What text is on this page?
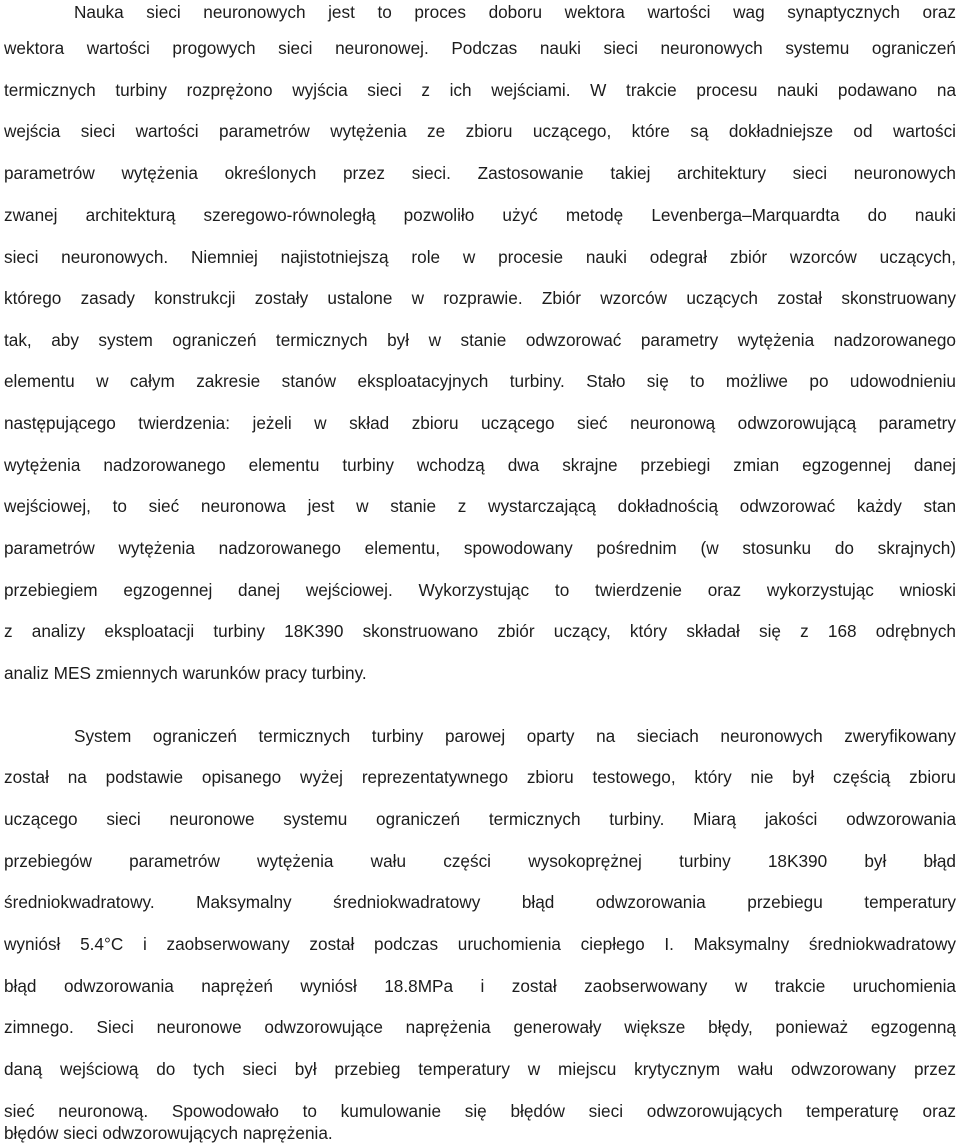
Nauka sieci neuronowych jest to proces doboru wektora wartości wag synaptycznych oraz
wektora wartości progowych sieci neuronowej. Podczas nauki sieci neuronowych systemu ograniczeń
termicznych turbiny rozprężono wyjścia sieci z ich wejściami. W trakcie procesu nauki podawano na
wejścia sieci wartości parametrów wytężenia ze zbioru uczącego, które są dokładniejsze od wartości
parametrów wytężenia określonych przez sieci. Zastosowanie takiej architektury sieci neuronowych
zwanej architekturą szeregowo-równoległą pozwoliło użyć metodę Levenberga–Marquardta do nauki
sieci neuronowych. Niemniej najistotniejszą role w procesie nauki odegrał zbiór wzorców uczących,
którego zasady konstrukcji zostały ustalone w rozprawie. Zbiór wzorców uczących został skonstruowany
tak, aby system ograniczeń termicznych był w stanie odwzorować parametry wytężenia nadzorowanego
elementu w całym zakresie stanów eksploatacyjnych turbiny. Stało się to możliwe po udowodnieniu
następującego twierdzenia: jeżeli w skład zbioru uczącego sieć neuronową odwzorowującą parametry
wytężenia nadzorowanego elementu turbiny wchodzą dwa skrajne przebiegi zmian egzogennej danej
wejściowej, to sieć neuronowa jest w stanie z wystarczającą dokładnością odwzorować każdy stan
parametrów wytężenia nadzorowanego elementu, spowodowany pośrednim (w stosunku do skrajnych)
przebiegiem egzogennej danej wejściowej. Wykorzystując to twierdzenie oraz wykorzystując wnioski
z analizy eksploatacji turbiny 18K390 skonstruowano zbiór uczący, który składał się z 168 odrębnych
analiz MES zmiennych warunków pracy turbiny.
System ograniczeń termicznych turbiny parowej oparty na sieciach neuronowych zweryfikowany
został na podstawie opisanego wyżej reprezentatywnego zbioru testowego, który nie był częścią zbioru
uczącego sieci neuronowe systemu ograniczeń termicznych turbiny. Miarą jakości odwzorowania
przebiegów parametrów wytężenia wału części wysokoprężnej turbiny 18K390 był błąd
średniokwadratowy. Maksymalny średniokwadratowy błąd odwzorowania przebiegu temperatury
wyniósł 5.4°C i zaobserwowany został podczas uruchomienia ciepłego I. Maksymalny średniokwadratowy
błąd odwzorowania naprężeń wyniósł 18.8MPa i został zaobserwowany w trakcie uruchomienia
zimnego. Sieci neuronowe odwzorowujące naprężenia generowały większe błędy, ponieważ egzogenną
daną wejściową do tych sieci był przebieg temperatury w miejscu krytycznym wału odwzorowany przez
sieć neuronową. Spowodowało to kumulowanie się błędów sieci odwzorowujących temperaturę oraz
błędów sieci odwzorowujących naprężenia.
